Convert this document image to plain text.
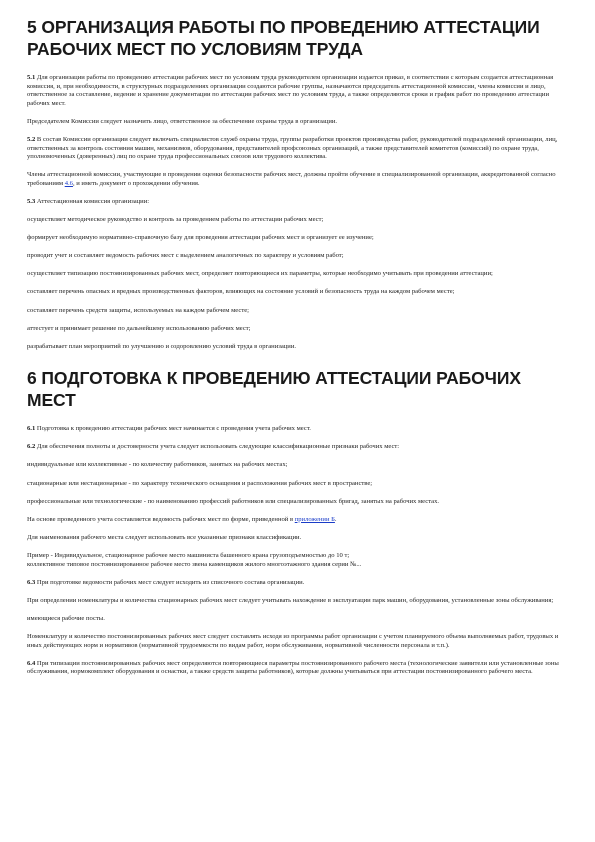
5 ОРГАНИЗАЦИЯ РАБОТЫ ПО ПРОВЕДЕНИЮ АТТЕСТАЦИИ РАБОЧИХ МЕСТ ПО УСЛОВИЯМ ТРУДА

5.1 Для организации работы по проведению аттестации рабочих мест по условиям труда руководителем организации издается приказ, в соответствии с которым создается аттестационная комиссия, и, при необходимости, в структурных подразделениях организации создаются рабочие группы, назначаются председатель аттестационной комиссии, члены комиссии и лицо, ответственное за составление, ведение и хранение документации по аттестации рабочих мест по условиям труда, а также определяются сроки и график работ по проведению аттестации рабочих мест.

Председателем Комиссии следует назначить лицо, ответственное за обеспечение охраны труда в организации.

5.2 В состав Комиссии организации следует включать специалистов служб охраны труда, группы разработки проектов производства работ, руководителей подразделений организации, лиц, ответственных за контроль состояния машин, механизмов, оборудования, представителей профсоюзных организаций, а также представителей комитетов (комиссий) по охране труда, уполномоченных (доверенных) лиц по охране труда профессиональных союзов или трудового коллектива.

Члены аттестационной комиссии, участвующие в проведении оценки безопасности рабочих мест, должны пройти обучение в специализированной организации, аккредитованной согласно требованиям 4.6, и иметь документ о прохождении обучения.

5.3 Аттестационная комиссия организации:

осуществляет методическое руководство и контроль за проведением работы по аттестации рабочих мест;

формирует необходимую нормативно-справочную базу для проведения аттестации рабочих мест и организует ее изучение;

проводит учет и составляет ведомость рабочих мест с выделением аналогичных по характеру и условиям работ;

осуществляет типизацию постоянизированных рабочих мест, определяет повторяющиеся их параметры, которые необходимо учитывать при проведении аттестации;

составляет перечень опасных и вредных производственных факторов, влияющих на состояние условий и безопасность труда на каждом рабочем месте;

составляет перечень средств защиты, используемых на каждом рабочем месте;

аттестует и принимает решение по дальнейшему использованию рабочих мест;

разрабатывает план мероприятий по улучшению и оздоровлению условий труда в организации.

6 ПОДГОТОВКА К ПРОВЕДЕНИЮ АТТЕСТАЦИИ РАБОЧИХ МЕСТ

6.1 Подготовка к проведению аттестации рабочих мест начинается с проведения учета рабочих мест.

6.2 Для обеспечения полноты и достоверности учета следует использовать следующие классификационные признаки рабочих мест:

индивидуальные или коллективные - по количеству работников, занятых на рабочих местах;

стационарные или нестационарные - по характеру технического оснащения и расположения рабочих мест в пространстве;

профессиональные или технологические - по наименованию профессий работников или специализированных бригад, занятых на рабочих местах.

На основе проведенного учета составляется ведомость рабочих мест по форме, приведенной в приложении Б.

Для наименования рабочего места следует использовать все указанные признаки классификации.

Пример - Индивидуальное, стационарное рабочее место машиниста башенного крана грузоподъемностью до 10 т;
коллективное типовое постоянизированное рабочее место звена каменщиков жилого многоэтажного здания серии №...

6.3 При подготовке ведомости рабочих мест следует исходить из списочного состава организации.

При определении номенклатуры и количества стационарных рабочих мест следует учитывать нахождение в эксплуатации парк машин, оборудования, установленные зоны обслуживания;

имеющиеся рабочие посты.

Номенклатуру и количество постоянизированных рабочих мест следует составлять исходя из программы работ организации с учетом планируемого объема выполняемых работ, трудовых и иных действующих норм и нормативов (нормативной трудоемкости по видам работ, норм обслуживания, нормативной численности персонала и т.п.).

6.4 При типизации постоянизированных рабочих мест определяются повторяющиеся параметры постоянизированного рабочего места (технологические заявители или установленные зоны обслуживания, нормокомплект оборудования и оснастки, а также средств защиты работников), которые должны учитываться при аттестации постоянизированного рабочего места.
